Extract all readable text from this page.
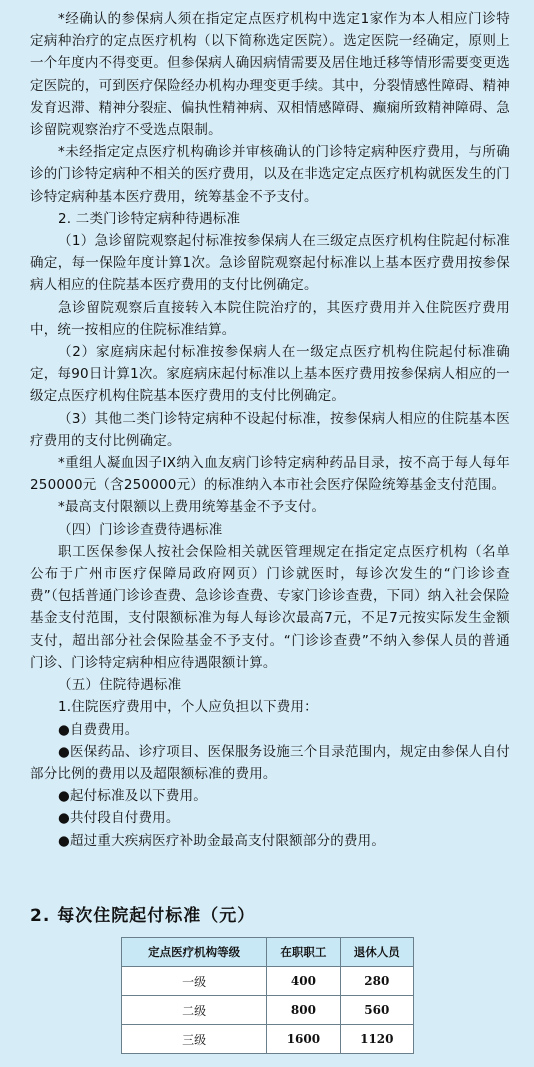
*经确认的参保病人须在指定定点医疗机构中选定1家作为本人相应门诊特定病种治疗的定点医疗机构（以下简称选定医院）。选定医院一经确定，原则上一个年度内不得变更。但参保病人确因病情需要及居住地迁移等情形需要变更选定医院的，可到医疗保险经办机构办理变更手续。其中，分裂情感性障碍、精神发育迟滞、精神分裂症、偏执性精神病、双相情感障碍、癫痫所致精神障碍、急诊留院观察治疗不受选点限制。

*未经指定定点医疗机构确诊并审核确认的门诊特定病种医疗费用，与所确诊的门诊特定病种不相关的医疗费用，以及在非选定定点医疗机构就医发生的门诊特定病种基本医疗费用，统筹基金不予支付。

2. 二类门诊特定病种待遇标准

（1）急诊留院观察起付标准按参保病人在三级定点医疗机构住院起付标准确定，每一保险年度计算1次。急诊留院观察起付标准以上基本医疗费用按参保病人相应的住院基本医疗费用的支付比例确定。

急诊留院观察后直接转入本院住院治疗的，其医疗费用并入住院医疗费用中，统一按相应的住院标准结算。

（2）家庭病床起付标准按参保病人在一级定点医疗机构住院起付标准确定，每90日计算1次。家庭病床起付标准以上基本医疗费用按参保病人相应的一级定点医疗机构住院基本医疗费用的支付比例确定。

（3）其他二类门诊特定病种不设起付标准，按参保病人相应的住院基本医疗费用的支付比例确定。

*重组人凝血因子IX纳入血友病门诊特定病种药品目录，按不高于每人每年250000元（含250000元）的标准纳入本市社会医疗保险统筹基金支付范围。

*最高支付限额以上费用统筹基金不予支付。

（四）门诊诊查费待遇标准

职工医保参保人按社会保险相关就医管理规定在指定定点医疗机构（名单公布于广州市医疗保障局政府网页）门诊就医时，每诊次发生的“门诊诊查费”（包括普通门诊诊查费、急诊诊查费、专家门诊诊查费，下同）纳入社会保险基金支付范围，支付限额标准为每人每诊次最高7元，不足7元按实际发生金额支付，超出部分社会保险基金不予支付。“门诊诊查费”不纳入参保人员的普通门诊、门诊特定病种相应待遇限额计算。

（五）住院待遇标准

1.住院医疗费用中，个人应负担以下费用：

●自费费用。

●医保药品、诊疗项目、医保服务设施三个目录范围内，规定由参保人自付部分比例的费用以及超限额标准的费用。

●起付标准及以下费用。

●共付段自付费用。

●超过重大疾病医疗补助金最高支付限额部分的费用。

2. 每次住院起付标准（元）
定点医疗机构等级	在职职工	退休人员
一级	400	280
二级	800	560
三级	1600	1120
